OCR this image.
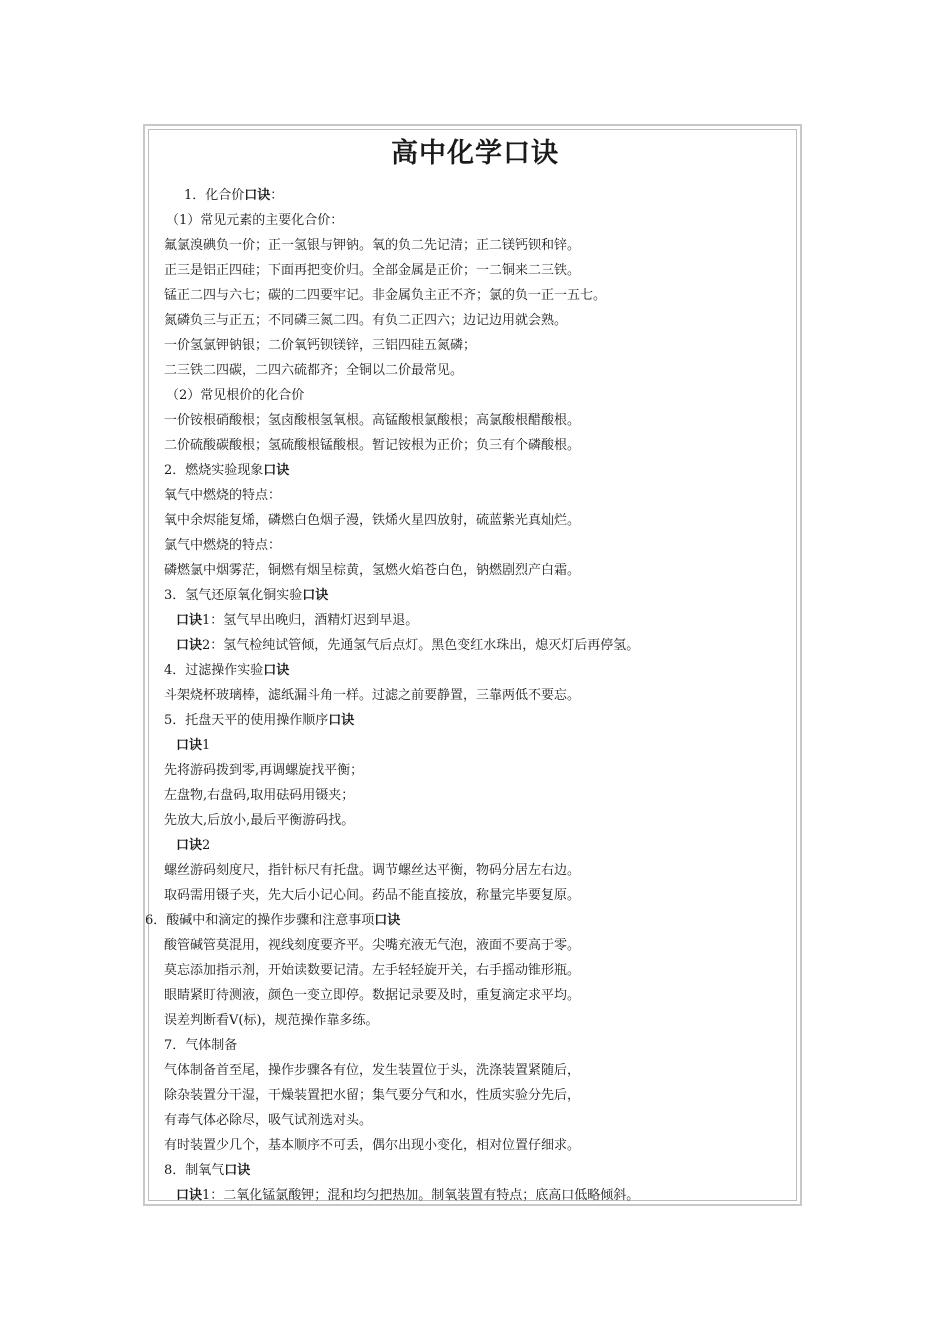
高中化学口诀
1．化合价口诀：
（1）常见元素的主要化合价：
氟氯溴碘负一价；正一氢银与钾钠。氧的负二先记清；正二镁钙钡和锌。
正三是铝正四硅；下面再把变价归。全部金属是正价；一二铜来二三铁。
锰正二四与六七；碳的二四要牢记。非金属负主正不齐；氯的负一正一五七。
氮磷负三与正五；不同磷三氮二四。有负二正四六；边记边用就会熟。
一价氢氯钾钠银；二价氧钙钡镁锌，三铝四硅五氮磷；
二三铁二四碳，二四六硫都齐；全铜以二价最常见。
（2）常见根价的化合价
一价铵根硝酸根；氢卤酸根氢氧根。高锰酸根氯酸根；高氯酸根醋酸根。
二价硫酸碳酸根；氢硫酸根锰酸根。暂记铵根为正价；负三有个磷酸根。
2．燃烧实验现象口诀
氧气中燃烧的特点：
氧中余烬能复烯，磷燃白色烟子漫，铁烯火星四放射，硫蓝紫光真灿烂。
氯气中燃烧的特点：
磷燃氯中烟雾茫，铜燃有烟呈棕黄，氢燃火焰苍白色，钠燃剧烈产白霜。
3．氢气还原氧化铜实验口诀
口诀1：氢气早出晚归，酒精灯迟到早退。
口诀2：氢气检纯试管倾，先通氢气后点灯。黑色变红水珠出，熄灭灯后再停氢。
4．过滤操作实验口诀
斗架烧杯玻璃棒，滤纸漏斗角一样。过滤之前要静置，三靠两低不要忘。
5．托盘天平的使用操作顺序口诀
口诀1
先将游码拨到零,再调螺旋找平衡；
左盘物,右盘码,取用砝码用镊夹；
先放大,后放小,最后平衡游码找。
口诀2
螺丝游码刻度尺，指针标尺有托盘。调节螺丝达平衡，物码分居左右边。
取码需用镊子夹，先大后小记心间。药品不能直接放，称量完毕要复原。
6．酸碱中和滴定的操作步骤和注意事项口诀
酸管碱管莫混用，视线刻度要齐平。尖嘴充液无气泡，液面不要高于零。
莫忘添加指示剂，开始读数要记清。左手轻轻旋开关，右手摇动锥形瓶。
眼睛紧盯待测液，颜色一变立即停。数据记录要及时，重复滴定求平均。
误差判断看V(标)，规范操作靠多练。
7．气体制备
气体制备首至尾，操作步骤各有位，发生装置位于头，洗涤装置紧随后，
除杂装置分干湿，干燥装置把水留；集气要分气和水，性质实验分先后，
有毒气体必除尽，吸气试剂选对头。
有时装置少几个，基本顺序不可丢，偶尔出现小变化，相对位置仔细求。
8．制氧气口诀
口诀1：二氧化锰氯酸钾；混和均匀把热加。制氧装置有特点；底高口低略倾斜。
